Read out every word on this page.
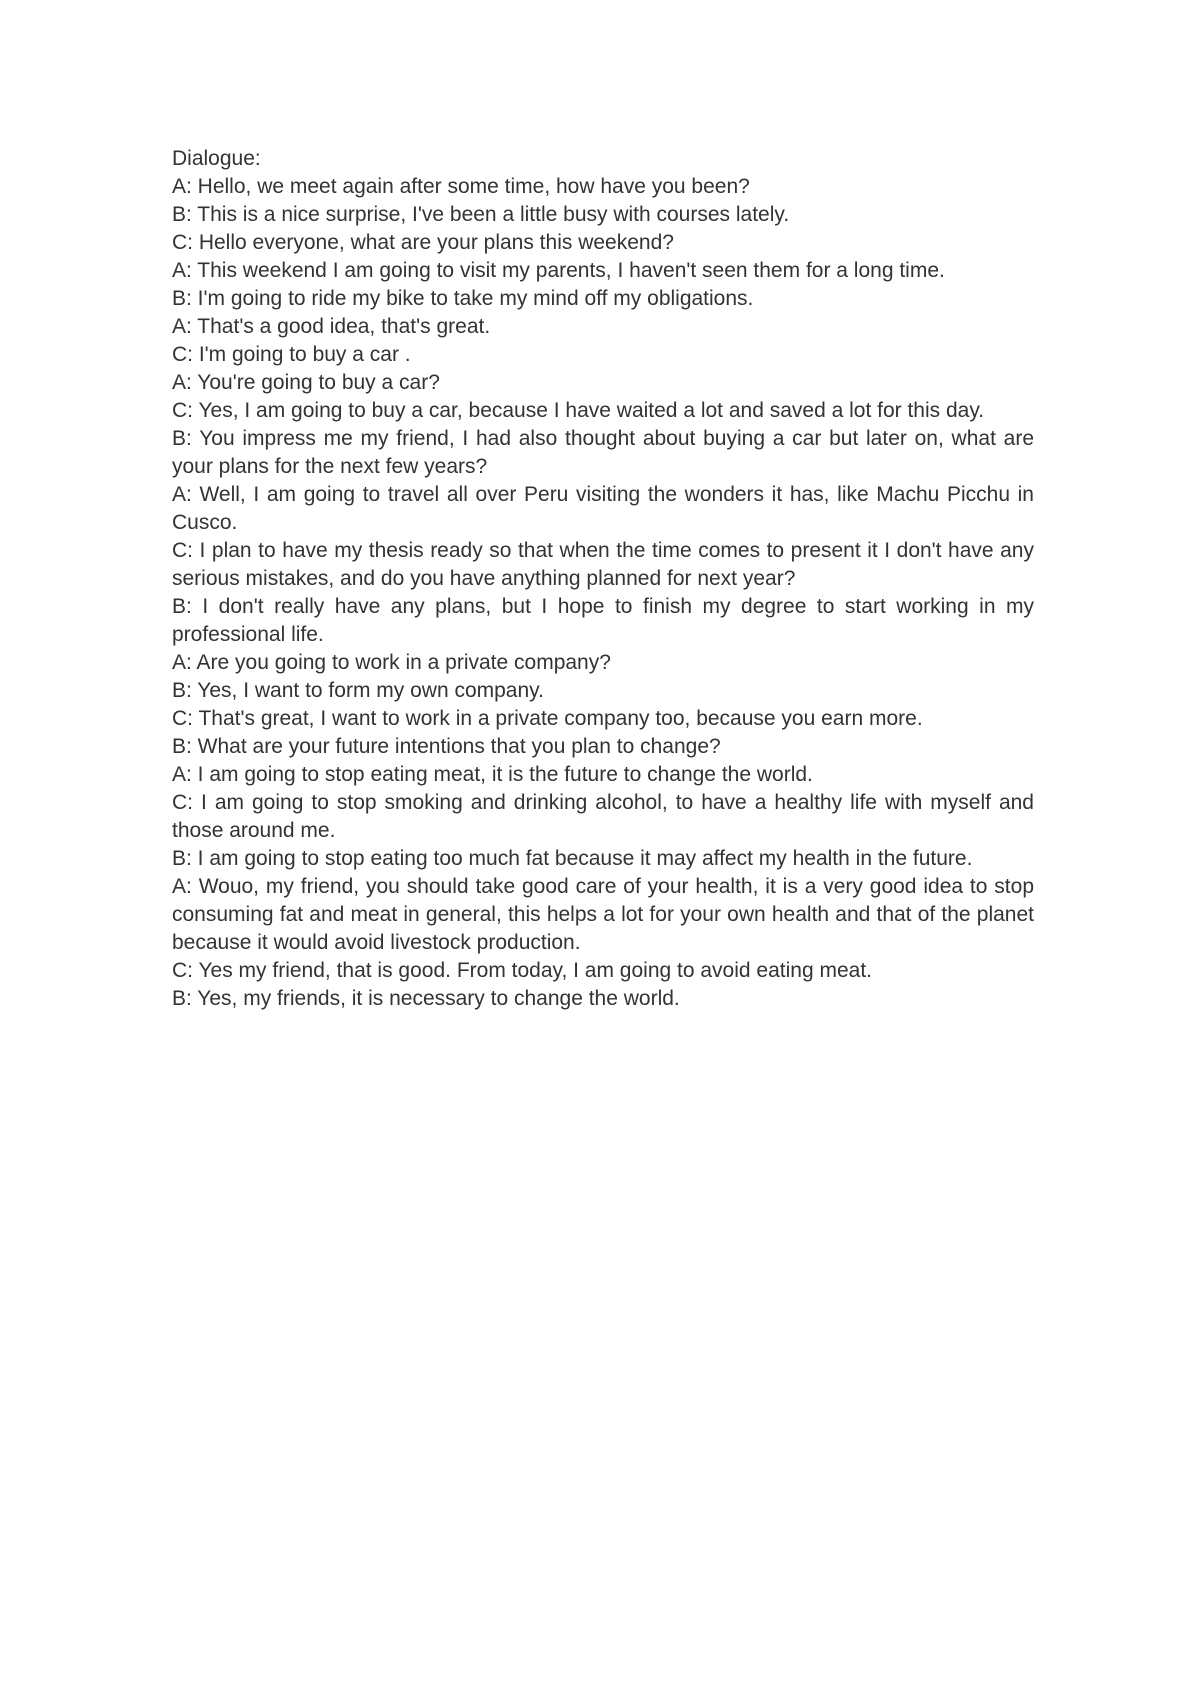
Dialogue:

A: Hello, we meet again after some time, how have you been?

B: This is a nice surprise, I've been a little busy with courses lately.

C: Hello everyone, what are your plans this weekend?

A: This weekend I am going to visit my parents, I haven't seen them for a long time.

B: I'm going to ride my bike to take my mind off my obligations.

A: That's a good idea, that's great.

C: I'm going to buy a car .

A: You're going to buy a car?

C: Yes, I am going to buy a car, because I have waited a lot and saved a lot for this day.

B: You impress me my friend, I had also thought about buying a car but later on, what are your plans for the next few years?

A: Well, I am going to travel all over Peru visiting the wonders it has, like Machu Picchu in Cusco.

C: I plan to have my thesis ready so that when the time comes to present it I don't have any serious mistakes, and do you have anything planned for next year?

B: I don't really have any plans, but I hope to finish my degree to start working in my professional life.

A: Are you going to work in a private company?

B: Yes, I want to form my own company.

C: That's great, I want to work in a private company too, because you earn more.

B: What are your future intentions that you plan to change?

A: I am going to stop eating meat, it is the future to change the world.

C: I am going to stop smoking and drinking alcohol, to have a healthy life with myself and those around me.

B: I am going to stop eating too much fat because it may affect my health in the future.

A: Wouo, my friend, you should take good care of your health, it is a very good idea to stop consuming fat and meat in general, this helps a lot for your own health and that of the planet because it would avoid livestock production.

C: Yes my friend, that is good. From today, I am going to avoid eating meat.

B: Yes, my friends, it is necessary to change the world.
